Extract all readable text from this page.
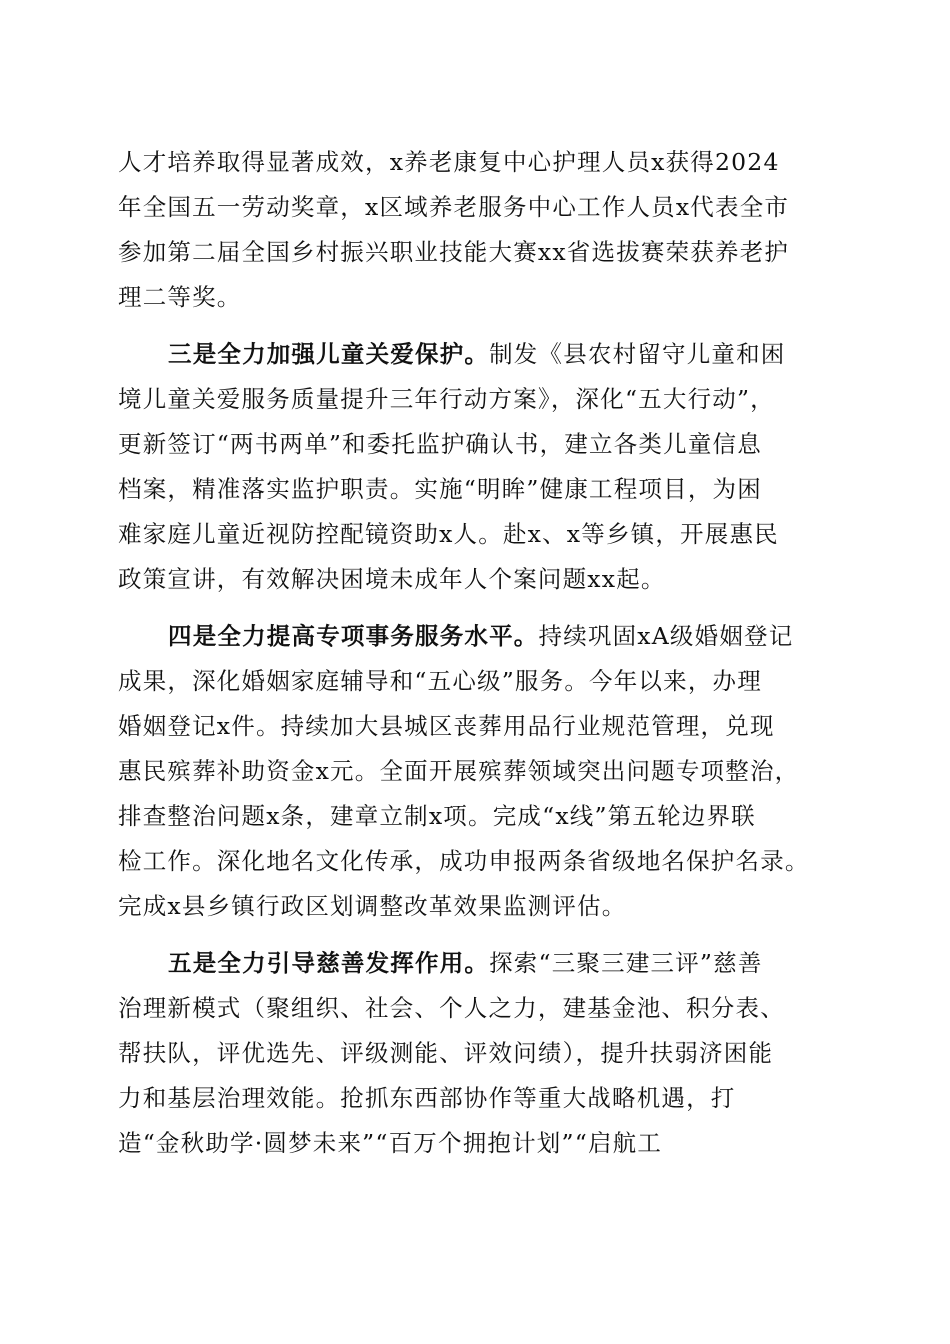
人才培养取得显著成效，x养老康复中心护理人员x获得2024
年全国五一劳动奖章，x区域养老服务中心工作人员x代表全市
参加第二届全国乡村振兴职业技能大赛xx省选拔赛荣获养老护
理二等奖。
三是全力加强儿童关爱保护。制发《县农村留守儿童和困
境儿童关爱服务质量提升三年行动方案》，深化“五大行动”，
更新签订“两书两单”和委托监护确认书，建立各类儿童信息
档案，精准落实监护职责。实施“明眸”健康工程项目，为困
难家庭儿童近视防控配镜资助x人。赴x、x等乡镇，开展惠民
政策宣讲，有效解决困境未成年人个案问题xx起。
四是全力提高专项事务服务水平。持续巩固xA级婚姻登记
成果，深化婚姻家庭辅导和“五心级”服务。今年以来，办理
婚姻登记x件。持续加大县城区丧葬用品行业规范管理，兑现
惠民殡葬补助资金x元。全面开展殡葬领域突出问题专项整治，
排查整治问题x条，建章立制x项。完成“x线”第五轮边界联
检工作。深化地名文化传承，成功申报两条省级地名保护名录。
完成x县乡镇行政区划调整改革效果监测评估。
五是全力引导慈善发挥作用。探索“三聚三建三评”慈善
治理新模式（聚组织、社会、个人之力，建基金池、积分表、
帮扶队，评优选先、评级测能、评效问绩），提升扶弱济困能
力和基层治理效能。抢抓东西部协作等重大战略机遇，打
造“金秋助学·圆梦未来”“百万个拥抱计划”“启航工
